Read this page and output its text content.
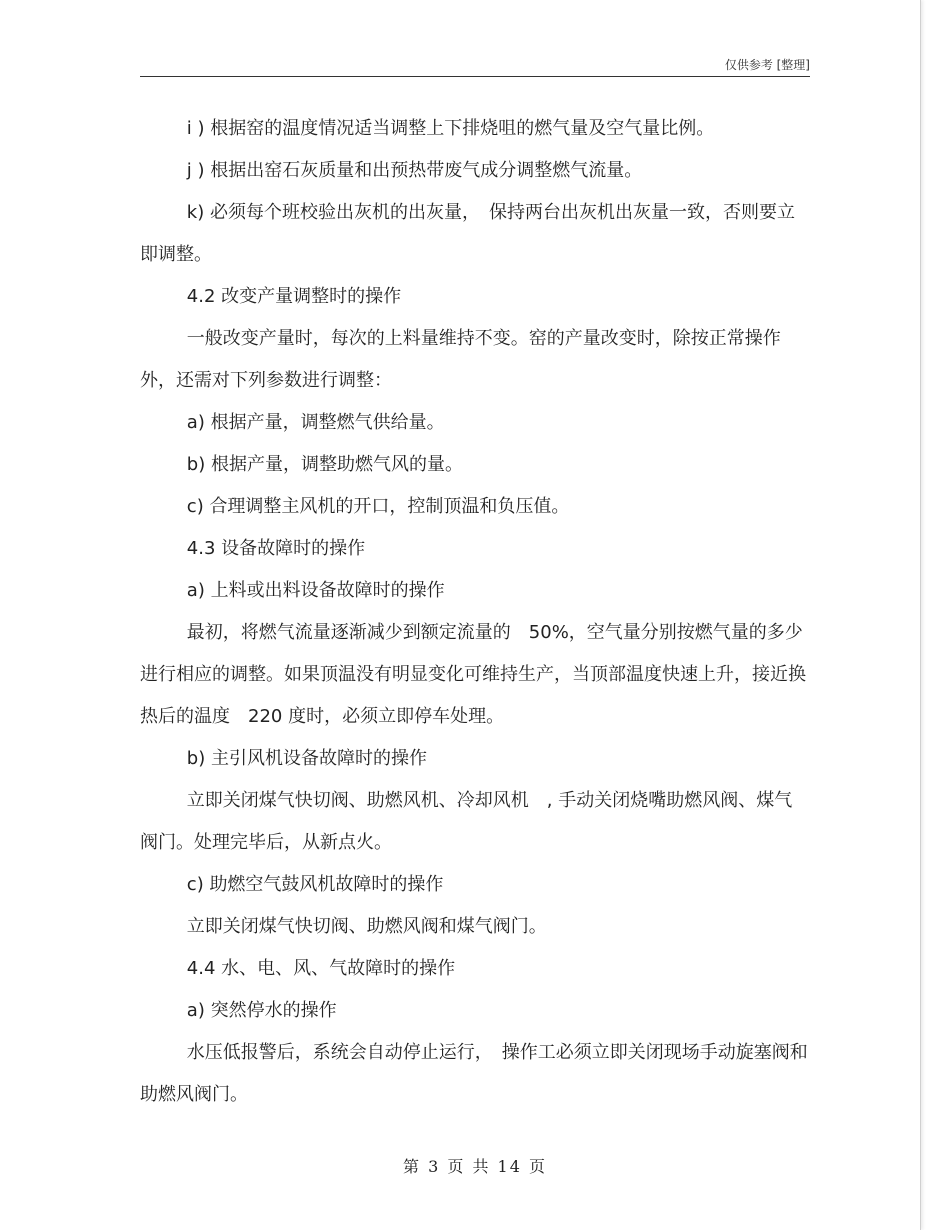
仅供参考 [整理]

i ) 根据窑的温度情况适当调整上下排烧咀的燃气量及空气量比例。

j ) 根据出窑石灰质量和出预热带废气成分调整燃气流量。

k) 必须每个班校验出灰机的出灰量，　保持两台出灰机出灰量一致，否则要立即调整。

4.2 改变产量调整时的操作

一般改变产量时，每次的上料量维持不变。窑的产量改变时，除按正常操作外，还需对下列参数进行调整：

a) 根据产量，调整燃气供给量。

b) 根据产量，调整助燃气风的量。

c) 合理调整主风机的开口，控制顶温和负压值。

4.3 设备故障时的操作

a) 上料或出料设备故障时的操作

最初，将燃气流量逐渐减少到额定流量的　50%，空气量分别按燃气量的多少进行相应的调整。如果顶温没有明显变化可维持生产，当顶部温度快速上升，接近换热后的温度　220 度时，必须立即停车处理。

b) 主引风机设备故障时的操作

立即关闭煤气快切阀、助燃风机、冷却风机　, 手动关闭烧嘴助燃风阀、煤气阀门。处理完毕后，从新点火。

c) 助燃空气鼓风机故障时的操作

立即关闭煤气快切阀、助燃风阀和煤气阀门。

4.4 水、电、风、气故障时的操作

a) 突然停水的操作

水压低报警后，系统会自动停止运行，　操作工必须立即关闭现场手动旋塞阀和助燃风阀门。

第 3 页 共 14 页
